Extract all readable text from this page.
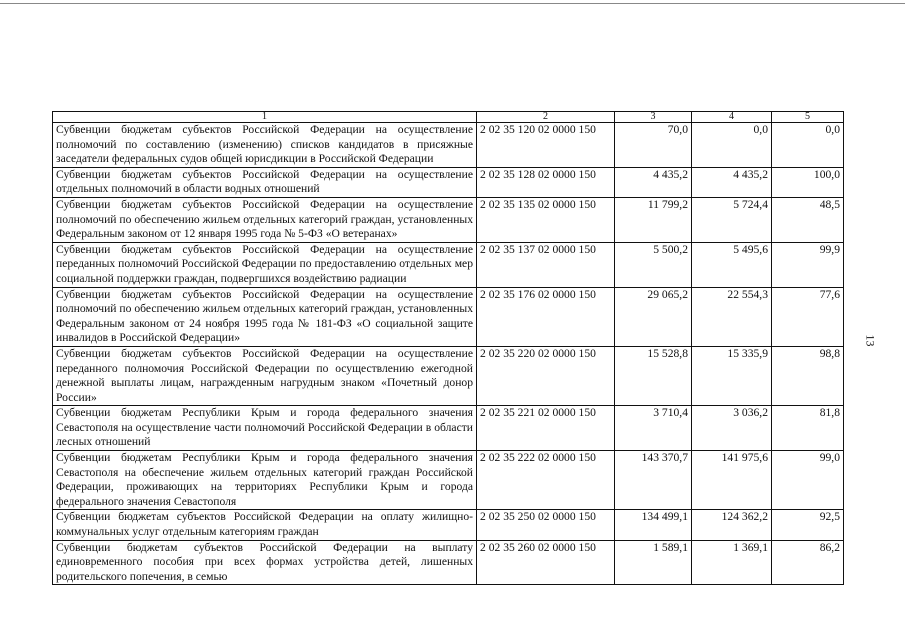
1	2	3	4	5
Субвенции бюджетам субъектов Российской Федерации на осуществление полномочий по составлению (изменению) списков кандидатов в присяжные заседатели федеральных судов общей юрисдикции в Российской Федерации	2 02 35 120 02 0000 150	70,0	0,0	0,0
Субвенции бюджетам субъектов Российской Федерации на осуществление отдельных полномочий в области водных отношений	2 02 35 128 02 0000 150	4 435,2	4 435,2	100,0
Субвенции бюджетам субъектов Российской Федерации на осуществление полномочий по обеспечению жильем отдельных категорий граждан, установленных Федеральным законом от 12 января 1995 года № 5-ФЗ «О ветеранах»	2 02 35 135 02 0000 150	11 799,2	5 724,4	48,5
Субвенции бюджетам субъектов Российской Федерации на осуществление переданных полномочий Российской Федерации по предоставлению отдельных мер социальной поддержки граждан, подвергшихся воздействию радиации	2 02 35 137 02 0000 150	5 500,2	5 495,6	99,9
Субвенции бюджетам субъектов Российской Федерации на осуществление полномочий по обеспечению жильем отдельных категорий граждан, установленных Федеральным законом от 24 ноября 1995 года № 181-ФЗ «О социальной защите инвалидов в Российской Федерации»	2 02 35 176 02 0000 150	29 065,2	22 554,3	77,6
Субвенции бюджетам субъектов Российской Федерации на осуществление переданного полномочия Российской Федерации по осуществлению ежегодной денежной выплаты лицам, награжденным нагрудным знаком «Почетный донор России»	2 02 35 220 02 0000 150	15 528,8	15 335,9	98,8
Субвенции бюджетам Республики Крым и города федерального значения Севастополя на осуществление части полномочий Российской Федерации в области лесных отношений	2 02 35 221 02 0000 150	3 710,4	3 036,2	81,8
Субвенции бюджетам Республики Крым и города федерального значения Севастополя на обеспечение жильем отдельных категорий граждан Российской Федерации, проживающих на территориях Республики Крым и города федерального значения Севастополя	2 02 35 222 02 0000 150	143 370,7	141 975,6	99,0
Субвенции бюджетам субъектов Российской Федерации на оплату жилищно-коммунальных услуг отдельным категориям граждан	2 02 35 250 02 0000 150	134 499,1	124 362,2	92,5
Субвенции бюджетам субъектов Российской Федерации на выплату единовременного пособия при всех формах устройства детей, лишенных родительского попечения, в семью	2 02 35 260 02 0000 150	1 589,1	1 369,1	86,2
13
